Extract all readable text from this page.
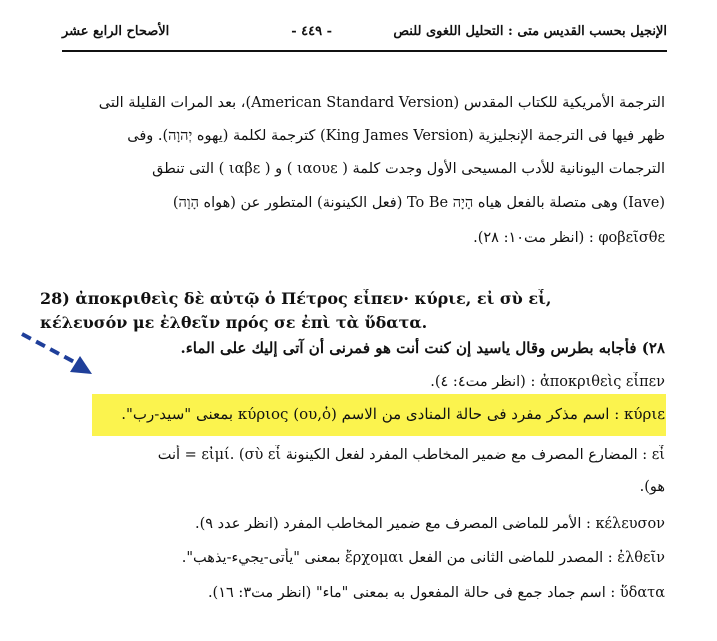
الإنجيل بحسب القديس متى : التحليل اللغوى للنص
- ٤٤٩ -
الأصحاح الرابع عشر
الترجمة الأمريكية للكتاب المقدس (American Standard Version)، بعد المرات القليلة التى
ظهر فيها فى الترجمة الإنجليزية (King James Version) كترجمة لكلمة (يهوه יְהוָה). وفى
الترجمات اليونانية للأدب المسيحى الأول وجدت كلمة ( ιαουε ) و ( ιαβε ) التى تنطق
(Iave) وهى متصلة بالفعل هياه הָיָה To Be (فعل الكينونة) المتطور عن (هواه הָוָה)
φοβεῖσθε : (انظر مت١٠: ٢٨).
28) ἀποκριθεὶς δὲ αὐτῷ ὁ Πέτρος εἶπεν· κύριε, εἰ σὺ εἶ,
κέλευσόν με ἐλθεῖν πρός σε ἐπὶ τὰ ὕδατα.
٢٨) فأجابه بطرس وقال ياسيد إن كنت أنت هو فمرنى أن آتى إليك على الماء.
ἀποκριθεὶς εἶπεν : (انظر مت٤: ٤).
κύριε : اسم مذكر مفرد فى حالة المنادى من الاسم (ου,ὁ) κύριος بمعنى "سيد-رب".
εἶ : المضارع المصرف مع ضمير المخاطب المفرد لفعل الكينونة εἰμί. (σὺ εἶ = أنت
هو).
κέλευσον : الأمر للماضى المصرف مع ضمير المخاطب المفرد (انظر عدد ٩).
ἐλθεῖν : المصدر للماضى الثانى من الفعل ἔρχομαι بمعنى "يأتى-يجيء-يذهب".
ὕδατα : اسم جماد جمع فى حالة المفعول به بمعنى "ماء" (انظر مت٣: ١٦).
